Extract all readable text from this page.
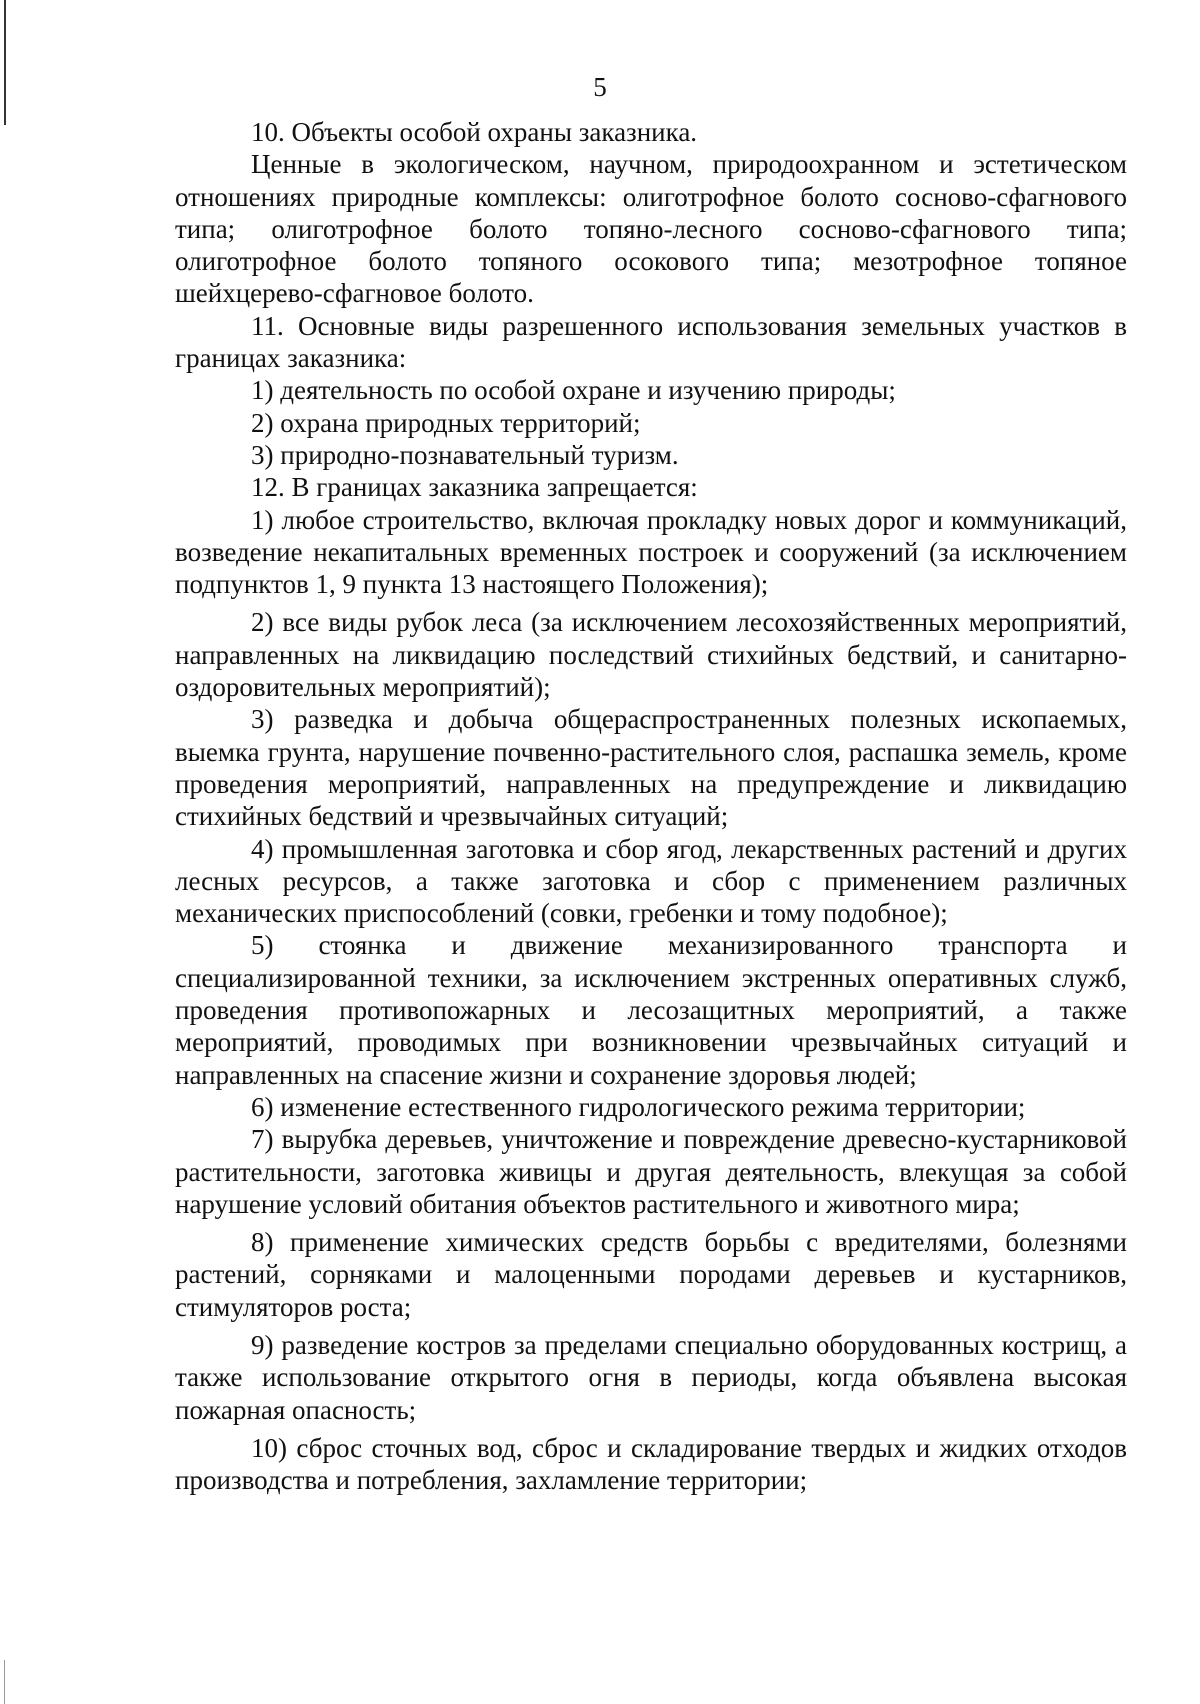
5

10. Объекты особой охраны заказника.

Ценные в экологическом, научном, природоохранном и эстетическом отношениях природные комплексы: олиготрофное болото сосново-сфагнового типа; олиготрофное болото топяно-лесного сосново-сфагнового типа; олиготрофное болото топяного осокового типа; мезотрофное топяное шейхцерево-сфагновое болото.

11. Основные виды разрешенного использования земельных участков в границах заказника:

1) деятельность по особой охране и изучению природы;

2) охрана природных территорий;

3) природно-познавательный туризм.

12. В границах заказника запрещается:

1) любое строительство, включая прокладку новых дорог и коммуникаций, возведение некапитальных временных построек и сооружений (за исключением подпунктов 1, 9 пункта 13 настоящего Положения);

2) все виды рубок леса (за исключением лесохозяйственных мероприятий, направленных на ликвидацию последствий стихийных бедствий, и санитарно-оздоровительных мероприятий);

3) разведка и добыча общераспространенных полезных ископаемых, выемка грунта, нарушение почвенно-растительного слоя, распашка земель, кроме проведения мероприятий, направленных на предупреждение и ликвидацию стихийных бедствий и чрезвычайных ситуаций;

4) промышленная заготовка и сбор ягод, лекарственных растений и других лесных ресурсов, а также заготовка и сбор с применением различных механических приспособлений (совки, гребенки и тому подобное);

5) стоянка и движение механизированного транспорта и специализированной техники, за исключением экстренных оперативных служб, проведения противопожарных и лесозащитных мероприятий, а также мероприятий, проводимых при возникновении чрезвычайных ситуаций и направленных на спасение жизни и сохранение здоровья людей;

6) изменение естественного гидрологического режима территории;

7) вырубка деревьев, уничтожение и повреждение древесно-кустарниковой растительности, заготовка живицы и другая деятельность, влекущая за собой нарушение условий обитания объектов растительного и животного мира;

8) применение химических средств борьбы с вредителями, болезнями растений, сорняками и малоценными породами деревьев и кустарников, стимуляторов роста;

9) разведение костров за пределами специально оборудованных кострищ, а также использование открытого огня в периоды, когда объявлена высокая пожарная опасность;

10) сброс сточных вод, сброс и складирование твердых и жидких отходов производства и потребления, захламление территории;
